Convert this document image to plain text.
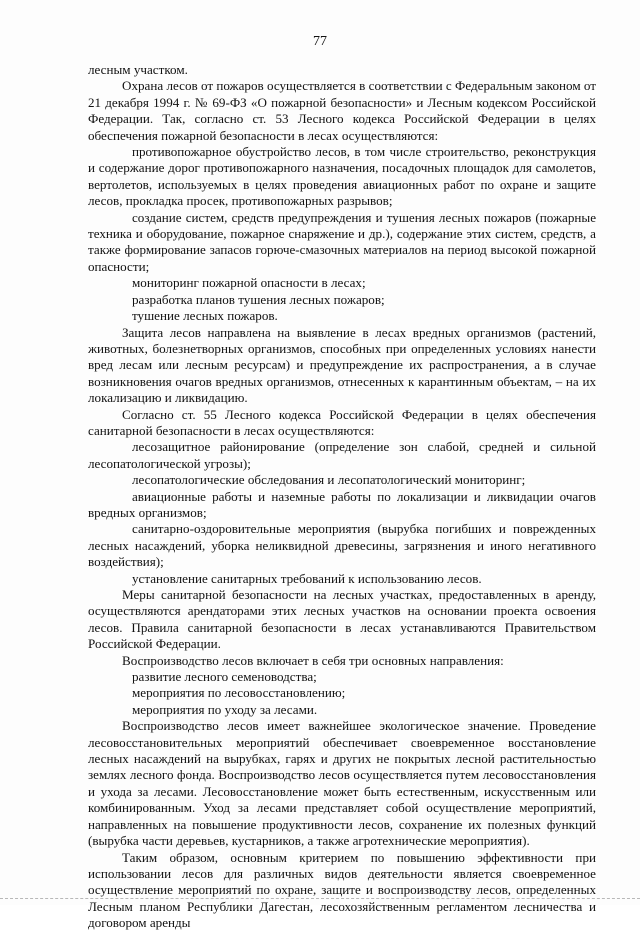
77

лесным участком.

Охрана лесов от пожаров осуществляется в соответствии с Федеральным законом от 21 декабря 1994 г. № 69-ФЗ «О пожарной безопасности» и Лесным кодексом Российской Федерации. Так, согласно ст. 53 Лесного кодекса Российской Федерации в целях обеспечения пожарной безопасности в лесах осуществляются:

противопожарное обустройство лесов, в том числе строительство, реконструкция и содержание дорог противопожарного назначения, посадочных площадок для самолетов, вертолетов, используемых в целях проведения авиационных работ по охране и защите лесов, прокладка просек, противопожарных разрывов;

создание систем, средств предупреждения и тушения лесных пожаров (пожарные техника и оборудование, пожарное снаряжение и др.), содержание этих систем, средств, а также формирование запасов горюче-смазочных материалов на период высокой пожарной опасности;

мониторинг пожарной опасности в лесах;

разработка планов тушения лесных пожаров;

тушение лесных пожаров.

Защита лесов направлена на выявление в лесах вредных организмов (растений, животных, болезнетворных организмов, способных при определенных условиях нанести вред лесам или лесным ресурсам) и предупреждение их распространения, а в случае возникновения очагов вредных организмов, отнесенных к карантинным объектам, – на их локализацию и ликвидацию.

Согласно ст. 55 Лесного кодекса Российской Федерации в целях обеспечения санитарной безопасности в лесах осуществляются:

лесозащитное районирование (определение зон слабой, средней и сильной лесопатологической угрозы);

лесопатологические обследования и лесопатологический мониторинг;

авиационные работы и наземные работы по локализации и ликвидации очагов вредных организмов;

санитарно-оздоровительные мероприятия (вырубка погибших и поврежденных лесных насаждений, уборка неликвидной древесины, загрязнения и иного негативного воздействия);

установление санитарных требований к использованию лесов.

Меры санитарной безопасности на лесных участках, предоставленных в аренду, осуществляются арендаторами этих лесных участков на основании проекта освоения лесов. Правила санитарной безопасности в лесах устанавливаются Правительством Российской Федерации.

Воспроизводство лесов включает в себя три основных направления:

развитие лесного семеноводства;

мероприятия по лесовосстановлению;

мероприятия по уходу за лесами.

Воспроизводство лесов имеет важнейшее экологическое значение. Проведение лесовосстановительных мероприятий обеспечивает своевременное восстановление лесных насаждений на вырубках, гарях и других не покрытых лесной растительностью землях лесного фонда. Воспроизводство лесов осуществляется путем лесовосстановления и ухода за лесами. Лесовосстановление может быть естественным, искусственным или комбинированным. Уход за лесами представляет собой осуществление мероприятий, направленных на повышение продуктивности лесов, сохранение их полезных функций (вырубка части деревьев, кустарников, а также агротехнические мероприятия).

Таким образом, основным критерием по повышению эффективности при использовании лесов для различных видов деятельности является своевременное осуществление мероприятий по охране, защите и воспроизводству лесов, определенных Лесным планом Республики Дагестан, лесохозяйственным регламентом лесничества и договором аренды
